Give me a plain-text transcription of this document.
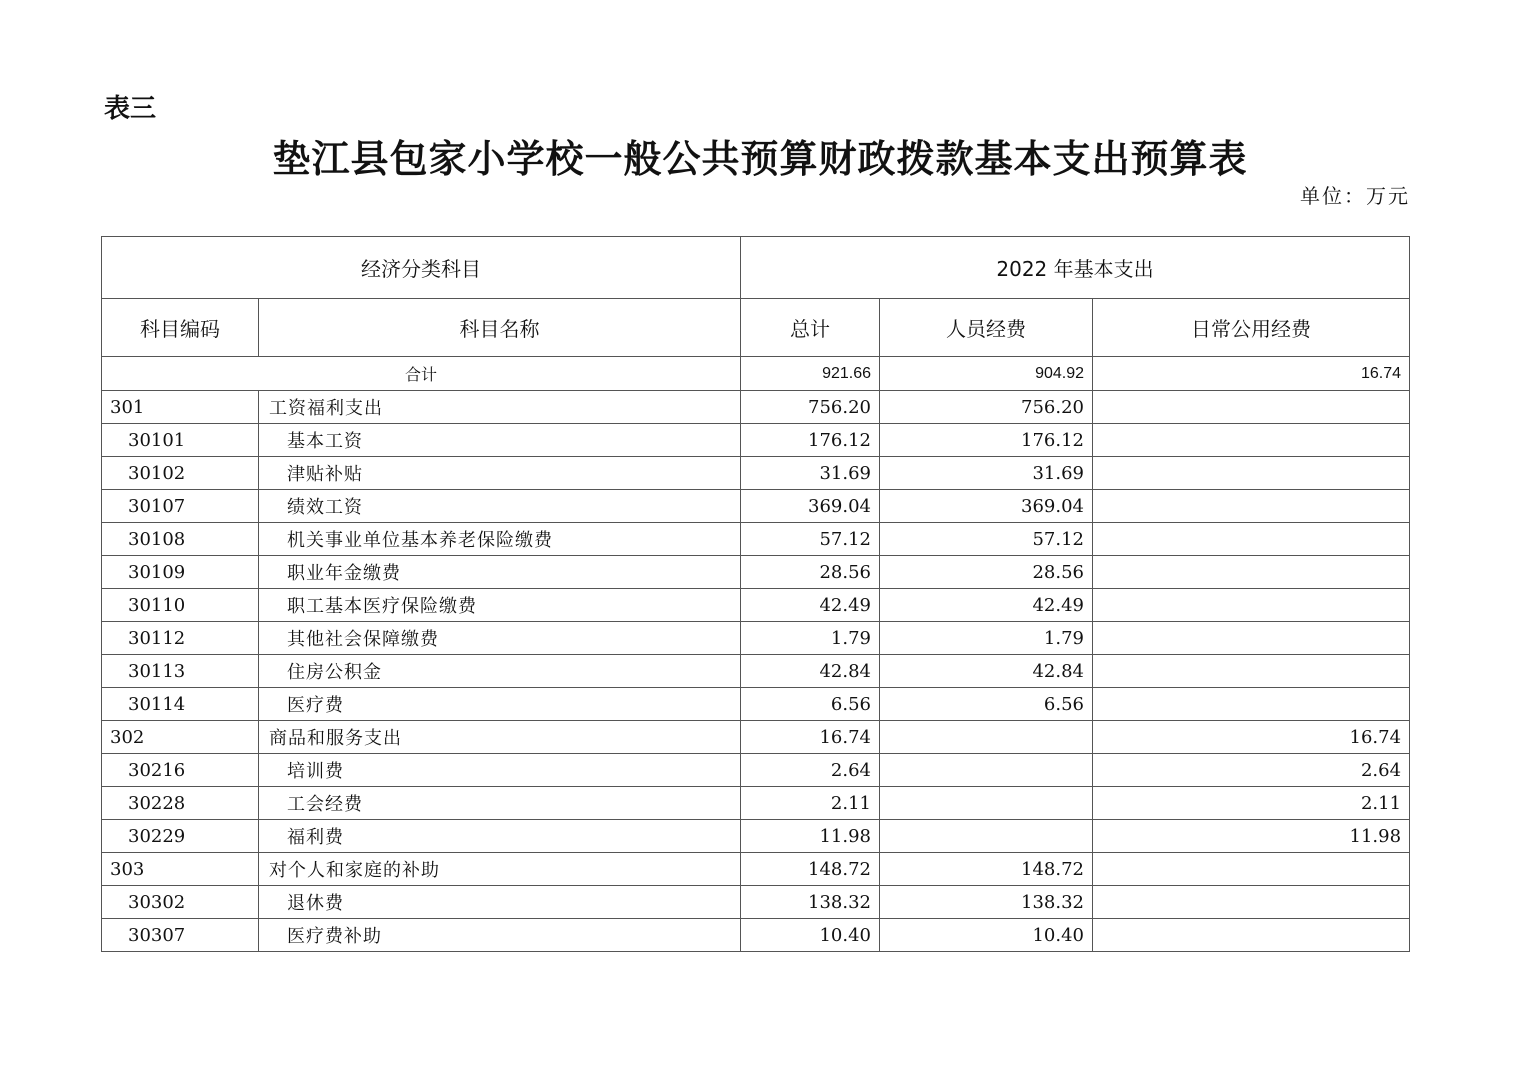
表三
垫江县包家小学校一般公共预算财政拨款基本支出预算表
单位：万元
经济分类科目		2022 年基本支出		
科目编码	科目名称	总计	人员经费	日常公用经费
合计		921.66	904.92	16.74
301	工资福利支出	756.20	756.20	
30101	基本工资	176.12	176.12	
30102	津贴补贴	31.69	31.69	
30107	绩效工资	369.04	369.04	
30108	机关事业单位基本养老保险缴费	57.12	57.12	
30109	职业年金缴费	28.56	28.56	
30110	职工基本医疗保险缴费	42.49	42.49	
30112	其他社会保障缴费	1.79	1.79	
30113	住房公积金	42.84	42.84	
30114	医疗费	6.56	6.56	
302	商品和服务支出	16.74		16.74
30216	培训费	2.64		2.64
30228	工会经费	2.11		2.11
30229	福利费	11.98		11.98
303	对个人和家庭的补助	148.72	148.72	
30302	退休费	138.32	138.32	
30307	医疗费补助	10.40	10.40	
